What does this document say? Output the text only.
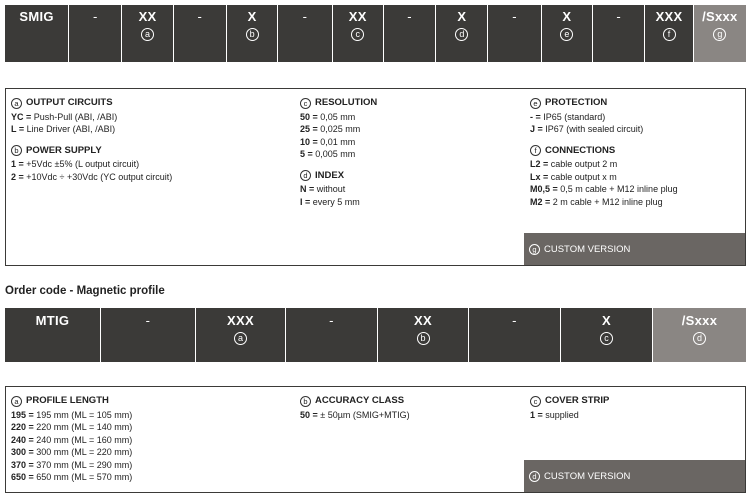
SMIG	-	XX
a
-	X
b
-	XX
c
-	X
d
-	X
e
-	XXX
f
/Sxxx
g
a OUTPUT CIRCUITS
YC = Push-Pull (ABI, /ABI)
L = Line Driver (ABI, /ABI)
b POWER SUPPLY
1 = +5Vdc ±5% (L output circuit)
2 = +10Vdc ÷ +30Vdc (YC output circuit)
c RESOLUTION
50 = 0,05 mm
25 = 0,025 mm
10 = 0,01 mm
5 = 0,005 mm
d INDEX
N = without
I = every 5 mm
e PROTECTION
- = IP65 (standard)
J = IP67 (with sealed circuit)
f CONNECTIONS
L2 = cable output 2 m
Lx = cable output x m
M0,5 = 0,5 m cable + M12 inline plug
M2 = 2 m cable + M12 inline plug
g CUSTOM VERSION
Order code - Magnetic profile
MTIG	-	XXX
a
-	XX
b
-	X
c
/Sxxx
d
a PROFILE LENGTH
195 = 195 mm (ML = 105 mm)
220 = 220 mm (ML = 140 mm)
240 = 240 mm (ML = 160 mm)
300 = 300 mm (ML = 220 mm)
370 = 370 mm (ML = 290 mm)
650 = 650 mm (ML = 570 mm)
b ACCURACY CLASS
50 = ± 50µm (SMIG+MTIG)
c COVER STRIP
1 = supplied
d CUSTOM VERSION
